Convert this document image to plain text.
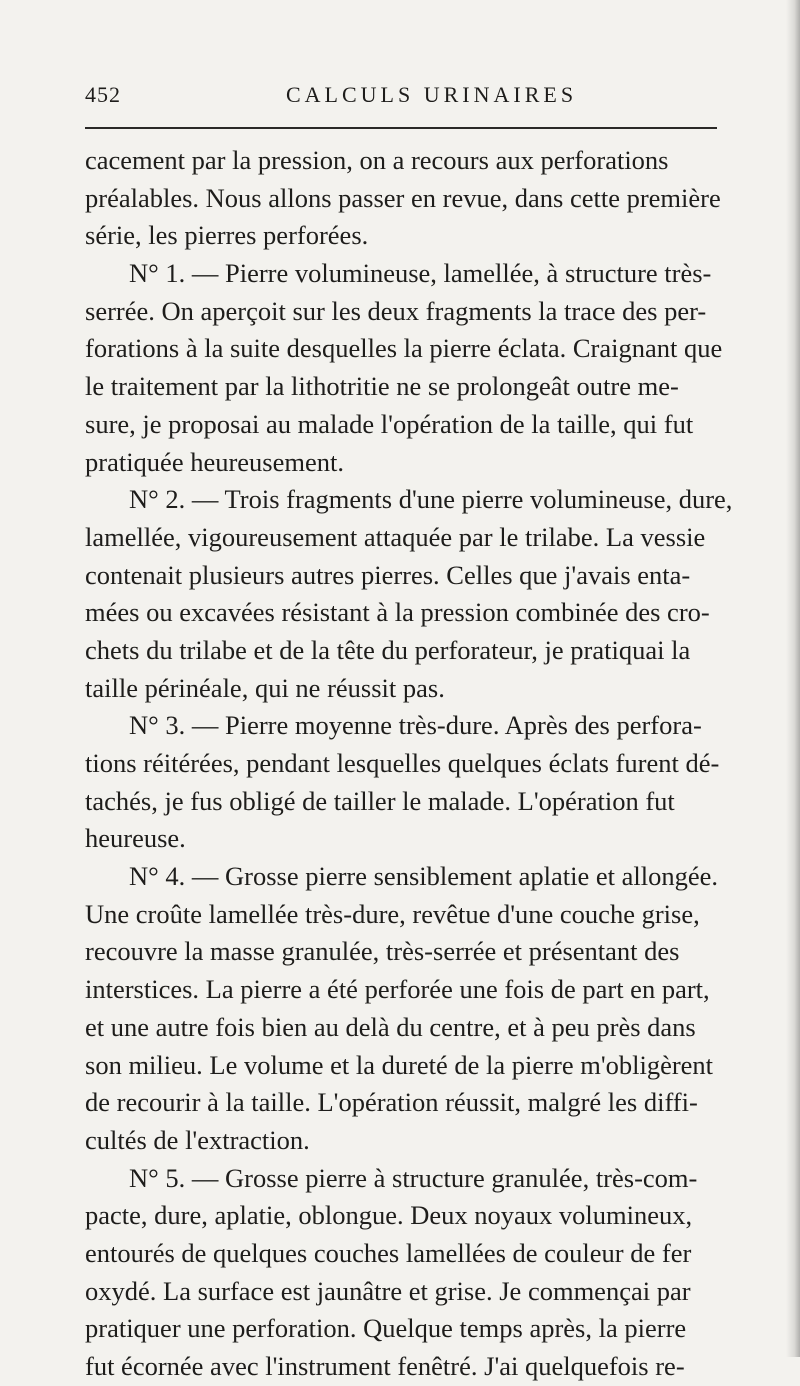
452	CALCULS URINAIRES
cacement par la pression, on a recours aux perforations
préalables. Nous allons passer en revue, dans cette première
série, les pierres perforées.
N° 1. — Pierre volumineuse, lamellée, à structure très-
serrée. On aperçoit sur les deux fragments la trace des per-
forations à la suite desquelles la pierre éclata. Craignant que
le traitement par la lithotritie ne se prolongeât outre me-
sure, je proposai au malade l'opération de la taille, qui fut
pratiquée heureusement.
N° 2. — Trois fragments d'une pierre volumineuse, dure,
lamellée, vigoureusement attaquée par le trilabe. La vessie
contenait plusieurs autres pierres. Celles que j'avais enta-
mées ou excavées résistant à la pression combinée des cro-
chets du trilabe et de la tête du perforateur, je pratiquai la
taille périnéale, qui ne réussit pas.
N° 3. — Pierre moyenne très-dure. Après des perfora-
tions réitérées, pendant lesquelles quelques éclats furent dé-
tachés, je fus obligé de tailler le malade. L'opération fut
heureuse.
N° 4. — Grosse pierre sensiblement aplatie et allongée.
Une croûte lamellée très-dure, revêtue d'une couche grise,
recouvre la masse granulée, très-serrée et présentant des
interstices. La pierre a été perforée une fois de part en part,
et une autre fois bien au delà du centre, et à peu près dans
son milieu. Le volume et la dureté de la pierre m'obligèrent
de recourir à la taille. L'opération réussit, malgré les diffi-
cultés de l'extraction.
N° 5. — Grosse pierre à structure granulée, très-com-
pacte, dure, aplatie, oblongue. Deux noyaux volumineux,
entourés de quelques couches lamellées de couleur de fer
oxydé. La surface est jaunâtre et grise. Je commençai par
pratiquer une perforation. Quelque temps après, la pierre
fut écornée avec l'instrument fenêtré. J'ai quelquefois re-
